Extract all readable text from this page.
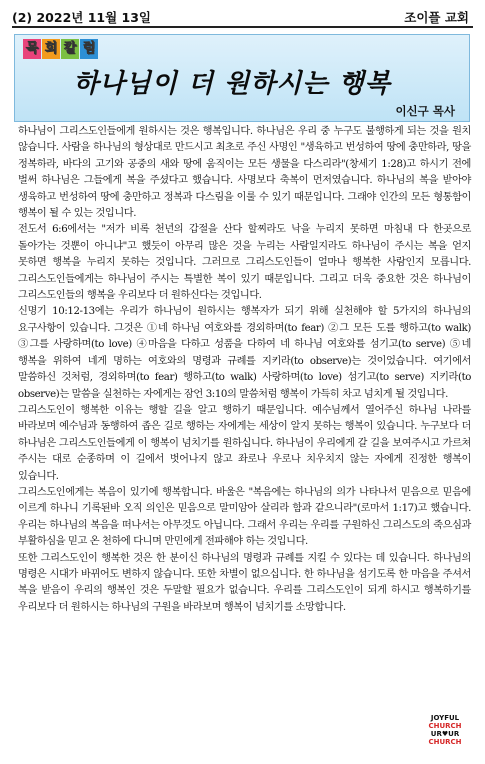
(2) 2022년 11월 13일	조이플 교회
목 회 칼 럼
하나님이 더 원하시는 행복
이신구 목사

하나님이 그리스도인들에게 원하시는 것은 행복입니다. 하나님은 우리 중 누구도 불행하게 되는 것을 원치 않습니다. 사람을 하나님의 형상대로 만드시고 최초로 주신 사명인 "생육하고 번성하여 땅에 충만하라, 땅을 정복하라, 바다의 고기와 공중의 새와 땅에 움직이는 모든 생물을 다스리라"(창세기 1:28)고 하시기 전에 벌써 하나님은 그들에게 복을 주셨다고 했습니다. 사명보다 축복이 먼저였습니다. 하나님의 복을 받아야 생육하고 번성하여 땅에 충만하고 정복과 다스림을 이룰 수 있기 때문입니다. 그래야 인간의 모든 형통함이 행복이 될 수 있는 것입니다.

전도서 6:6에서는 "저가 비록 천년의 갑절을 산다 할찌라도 낙을 누리지 못하면 마침내 다 한곳으로 돌아가는 것뿐이 아니냐"고 했듯이 아무리 많은 것을 누리는 사람일지라도 하나님이 주시는 복을 얻지 못하면 행복을 누리지 못하는 것입니다. 그러므로 그리스도인들이 얼마나 행복한 사람인지 모릅니다. 그리스도인들에게는 하나님이 주시는 특별한 복이 있기 때문입니다. 그리고 더욱 중요한 것은 하나님이 그리스도인들의 행복을 우리보다 더 원하신다는 것입니다.

신명기 10:12-13에는 우리가 하나님이 원하시는 행복자가 되기 위해 실천해야 할 5가지의 하나님의 요구사항이 있습니다. 그것은 ①네 하나님 여호와를 경외하며(to fear) ②그 모든 도를 행하고(to walk) ③그를 사랑하며(to love) ④마음을 다하고 성품을 다하여 네 하나님 여호와를 섬기고(to serve) ⑤네 행복을 위하여 네게 명하는 여호와의 명령과 규례를 지키라(to observe)는 것이었습니다. 여기에서 말씀하신 것처럼, 경외하며(to fear) 행하고(to walk) 사랑하며(to love) 섬기고(to serve) 지키라(to observe)는 말씀을 실천하는 자에게는 잠언 3:10의 말씀처럼 행복이 가득히 차고 넘치게 될 것입니다.

그리스도인이 행복한 이유는 행할 길을 알고 행하기 때문입니다. 예수님께서 열어주신 하나님 나라를 바라보며 예수님과 동행하여 좁은 길로 행하는 자에게는 세상이 알지 못하는 행복이 있습니다. 누구보다 더 하나님은 그리스도인들에게 이 행복이 넘치기를 원하십니다. 하나님이 우리에게 갈 길을 보여주시고 가르쳐 주시는 대로 순종하며 이 길에서 벗어나지 않고 좌로나 우로나 치우치지 않는 자에게 진정한 행복이 있습니다.

그리스도인에게는 복음이 있기에 행복합니다. 바울은 "복음에는 하나님의 의가 나타나서 믿음으로 믿음에 이르게 하나니 기록된바 오직 의인은 믿음으로 말미암아 살리라 함과 같으니라"(로마서 1:17)고 했습니다. 우리는 하나님의 복음을 떠나서는 아무것도 아닙니다. 그래서 우리는 우리를 구원하신 그리스도의 죽으심과 부활하심을 믿고 온 천하에 다니며 만민에게 전파해야 하는 것입니다.

또한 그리스도인이 행복한 것은 한 분이신 하나님의 명령과 규례를 지킬 수 있다는 데 있습니다. 하나님의 명령은 시대가 바뀌어도 변하지 않습니다. 또한 차별이 없으십니다. 한 하나님을 섬기도록 한 마음을 주셔서 복을 받음이 우리의 행복인 것은 두말할 필요가 없습니다. 우리를 그리스도인이 되게 하시고 행복하기를 우리보다 더 원하시는 하나님의 구원을 바라보며 행복이 넘치기를 소망합니다.

JOYFUL
CHURCH
UR♥UR
CHURCH
